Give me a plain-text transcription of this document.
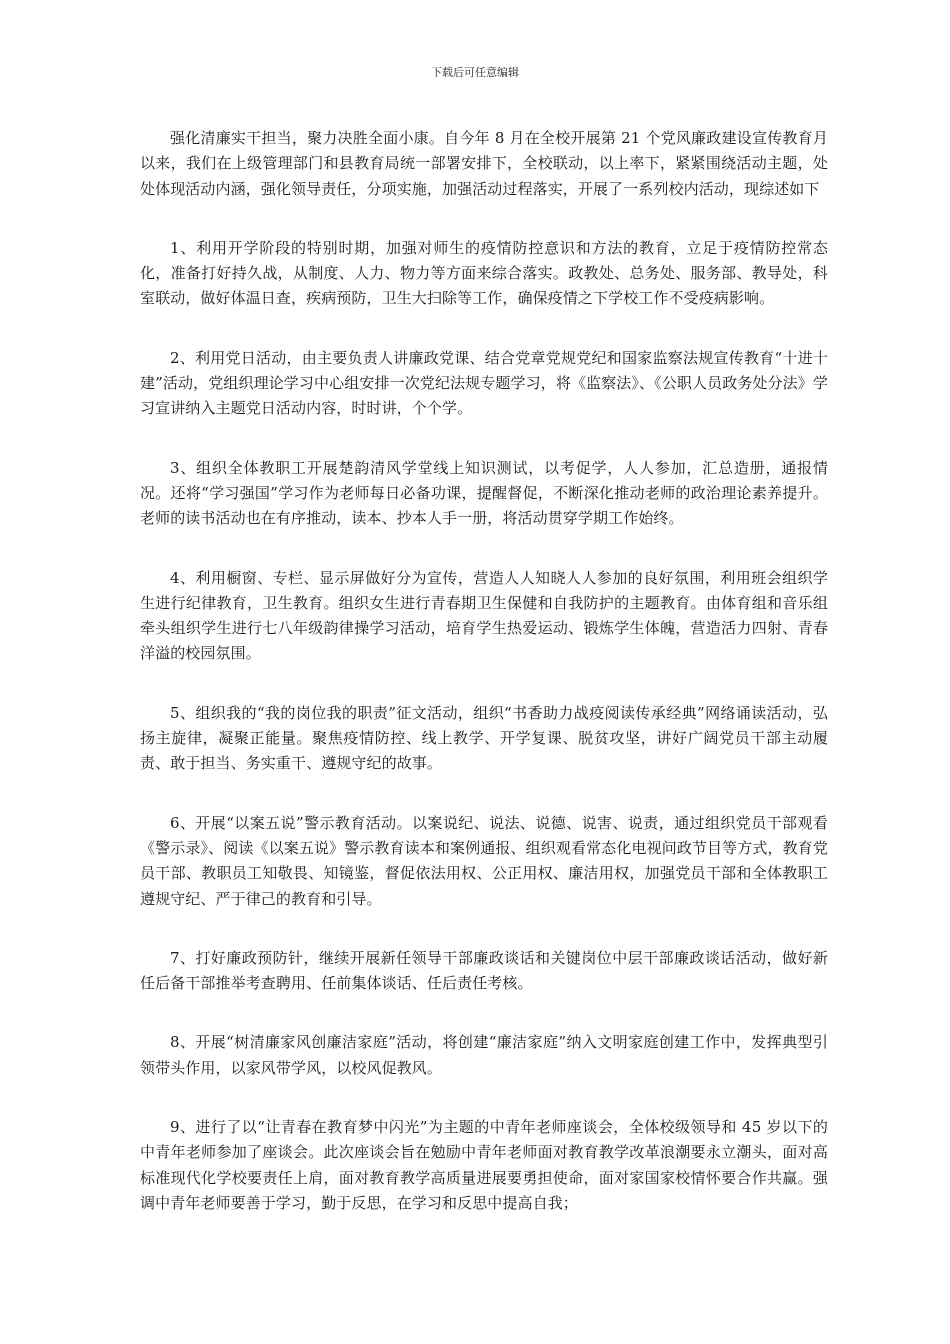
下载后可任意编辑

强化清廉实干担当，聚力决胜全面小康。自今年 8 月在全校开展第 21 个党风廉政建设宣传教育月以来，我们在上级管理部门和县教育局统一部署安排下，全校联动，以上率下，紧紧围绕活动主题，处处体现活动内涵，强化领导责任，分项实施，加强活动过程落实，开展了一系列校内活动，现综述如下

1、利用开学阶段的特别时期，加强对师生的疫情防控意识和方法的教育，立足于疫情防控常态化，准备打好持久战，从制度、人力、物力等方面来综合落实。政教处、总务处、服务部、教导处，科室联动，做好体温日查，疾病预防，卫生大扫除等工作，确保疫情之下学校工作不受疫病影响。

2、利用党日活动，由主要负责人讲廉政党课、结合党章党规党纪和国家监察法规宣传教育“十进十建”活动，党组织理论学习中心组安排一次党纪法规专题学习，将《监察法》、《公职人员政务处分法》学习宣讲纳入主题党日活动内容，时时讲，个个学。

3、组织全体教职工开展楚韵清风学堂线上知识测试，以考促学，人人参加，汇总造册，通报情况。还将“学习强国”学习作为老师每日必备功课，提醒督促，不断深化推动老师的政治理论素养提升。老师的读书活动也在有序推动，读本、抄本人手一册，将活动贯穿学期工作始终。

4、利用橱窗、专栏、显示屏做好分为宣传，营造人人知晓人人参加的良好氛围，利用班会组织学生进行纪律教育，卫生教育。组织女生进行青春期卫生保健和自我防护的主题教育。由体育组和音乐组牵头组织学生进行七八年级韵律操学习活动，培育学生热爱运动、锻炼学生体魄，营造活力四射、青春洋溢的校园氛围。

5、组织我的“我的岗位我的职责”征文活动，组织“书香助力战疫阅读传承经典”网络诵读活动，弘扬主旋律，凝聚正能量。聚焦疫情防控、线上教学、开学复课、脱贫攻坚，讲好广阔党员干部主动履责、敢于担当、务实重干、遵规守纪的故事。

6、开展“以案五说”警示教育活动。以案说纪、说法、说德、说害、说责，通过组织党员干部观看《警示录》、阅读《以案五说》警示教育读本和案例通报、组织观看常态化电视问政节目等方式，教育党员干部、教职员工知敬畏、知镜鉴，督促依法用权、公正用权、廉洁用权，加强党员干部和全体教职工遵规守纪、严于律己的教育和引导。

7、打好廉政预防针，继续开展新任领导干部廉政谈话和关键岗位中层干部廉政谈话活动，做好新任后备干部推举考查聘用、任前集体谈话、任后责任考核。

8、开展“树清廉家风创廉洁家庭”活动，将创建“廉洁家庭”纳入文明家庭创建工作中，发挥典型引领带头作用，以家风带学风，以校风促教风。

9、进行了以“让青春在教育梦中闪光”为主题的中青年老师座谈会，全体校级领导和 45 岁以下的中青年老师参加了座谈会。此次座谈会旨在勉励中青年老师面对教育教学改革浪潮要永立潮头，面对高标准现代化学校要责任上肩，面对教育教学高质量进展要勇担使命，面对家国家校情怀要合作共赢。强调中青年老师要善于学习，勤于反思，在学习和反思中提高自我；
